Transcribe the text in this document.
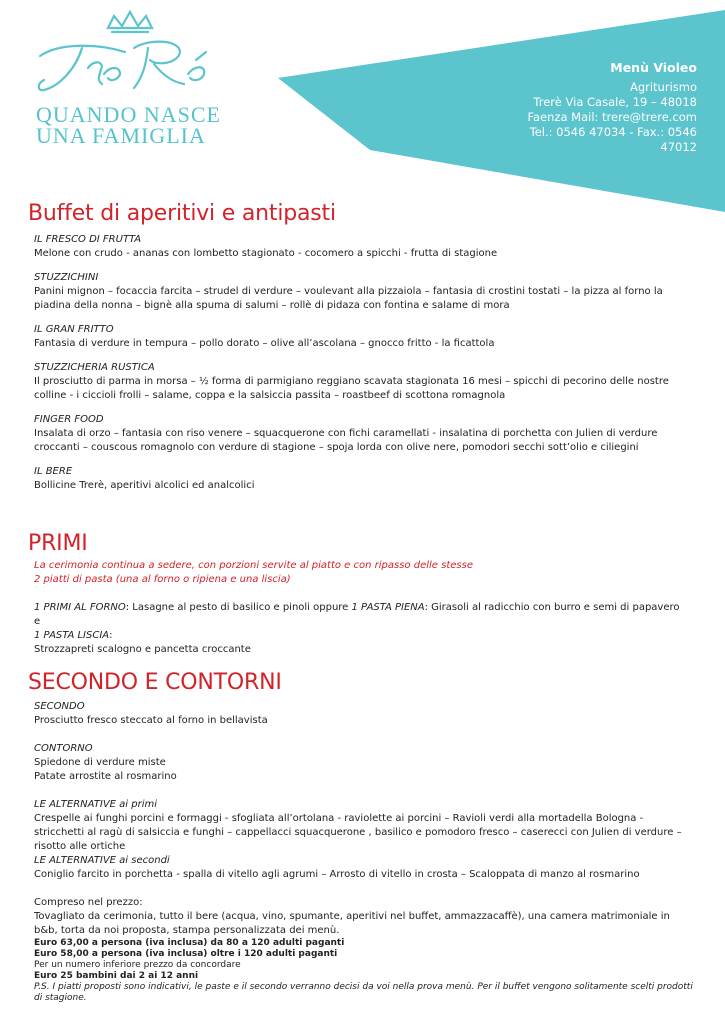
QUANDO NASCE
UNA FAMIGLIA
Menù Violeo
Agriturismo
Trerè Via Casale, 19 – 48018 Faenza Mail: trere@trere.com
Tel.: 0546 47034 - Fax.: 0546 47012
Buffet di aperitivi e antipasti
IL FRESCO DI FRUTTA
Melone con crudo - ananas con lombetto stagionato - cocomero a spicchi - frutta di stagione
STUZZICHINI
Panini mignon – focaccia farcita – strudel di verdure – voulevant alla pizzaiola – fantasia di crostini tostati – la pizza al forno la piadina della nonna – bignè alla spuma di salumi – rollè di pidaza con fontina e salame di mora
IL GRAN FRITTO
Fantasia di verdure in tempura – pollo dorato – olive all’ascolana – gnocco fritto - la ficattola
STUZZICHERIA RUSTICA
Il prosciutto di parma in morsa – ½ forma di parmigiano reggiano scavata stagionata 16 mesi – spicchi di pecorino delle nostre colline - i cicciolі frolli – salame, coppa e la salsiccia passita – roastbeef di scottona romagnola
FINGER FOOD
Insalata di orzo – fantasia con riso venere – squacquerone con fichi caramellati - insalatina di porchetta con Julien di verdure croccanti – couscous romagnolo con verdure di stagione – spoja lorda con olive nere, pomodori secchi sott’olio e ciliegini
IL BERE
Bollicine Trerè, aperitivi alcolici ed analcolici
PRIMI
La cerimonia continua a sedere, con porzioni servite al piatto e con ripasso delle stesse
2 piatti di pasta (una al forno o ripiena e una liscia)
1 PRIMI AL FORNO: Lasagne al pesto di basilico e pinoli oppure 1 PASTA PIENA: Girasoli al radicchio con burro e semi di papavero
e
1 PASTA LISCIA:
Strozzapreti scalogno e pancetta croccante
SECONDO E CONTORNI
SECONDO
Prosciutto fresco steccato al forno in bellavista
CONTORNO
Spiedone di verdure miste
Patate arrostite al rosmarino
LE ALTERNATIVE ai primi
Crespelle ai funghi porcini e formaggi - sfogliata all’ortolana - raviolette ai porcini – Ravioli verdi alla mortadella Bologna - stricchetti al ragù di salsiccia e funghi – cappellacci squacquerone , basilico e pomodoro fresco – caserecci con Julien di verdure – risotto alle ortiche
LE ALTERNATIVE ai secondi
Coniglio farcito in porchetta - spalla di vitello agli agrumi – Arrosto di vitello in crosta – Scaloppata di manzo al rosmarino
Compreso nel prezzo:
Tovagliato da cerimonia, tutto il bere (acqua, vino, spumante, aperitivi nel buffet, ammazzacaffè), una camera matrimoniale in b&b, torta da noi proposta, stampa personalizzata dei menù.
Euro 63,00 a persona (iva inclusa) da 80 a 120 adulti paganti
Euro 58,00 a persona (iva inclusa) oltre i 120 adulti paganti
Per un numero inferiore prezzo da concordare
Euro 25 bambini dai 2 ai 12 anni
P.S. I piatti proposti sono indicativi, le paste e il secondo verranno decisi da voi nella prova menù. Per il buffet vengono solitamente scelti prodotti di stagione.
